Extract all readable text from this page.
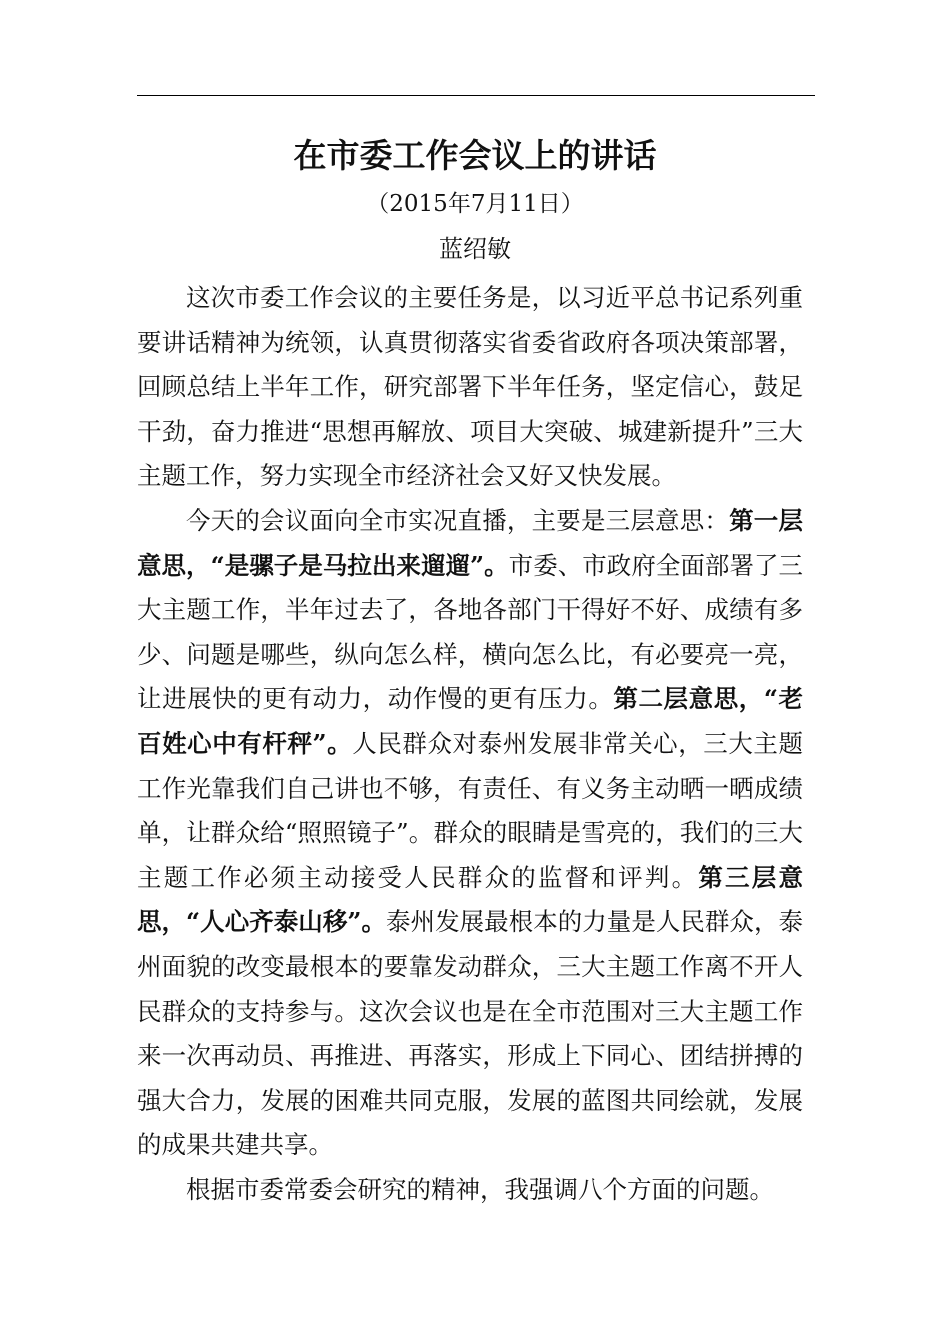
在市委工作会议上的讲话
（2015年7月11日）
蓝绍敏

这次市委工作会议的主要任务是，以习近平总书记系列重要讲话精神为统领，认真贯彻落实省委省政府各项决策部署，回顾总结上半年工作，研究部署下半年任务，坚定信心，鼓足干劲，奋力推进“思想再解放、项目大突破、城建新提升”三大主题工作，努力实现全市经济社会又好又快发展。

今天的会议面向全市实况直播，主要是三层意思：第一层意思，“是骡子是马拉出来遛遛”。市委、市政府全面部署了三大主题工作，半年过去了，各地各部门干得好不好、成绩有多少、问题是哪些，纵向怎么样，横向怎么比，有必要亮一亮，让进展快的更有动力，动作慢的更有压力。第二层意思，“老百姓心中有杆秤”。人民群众对泰州发展非常关心，三大主题工作光靠我们自己讲也不够，有责任、有义务主动晒一晒成绩单，让群众给“照照镜子”。群众的眼睛是雪亮的，我们的三大主题工作必须主动接受人民群众的监督和评判。第三层意思，“人心齐泰山移”。泰州发展最根本的力量是人民群众，泰州面貌的改变最根本的要靠发动群众，三大主题工作离不开人民群众的支持参与。这次会议也是在全市范围对三大主题工作来一次再动员、再推进、再落实，形成上下同心、团结拼搏的强大合力，发展的困难共同克服，发展的蓝图共同绘就，发展的成果共建共享。

根据市委常委会研究的精神，我强调八个方面的问题。
